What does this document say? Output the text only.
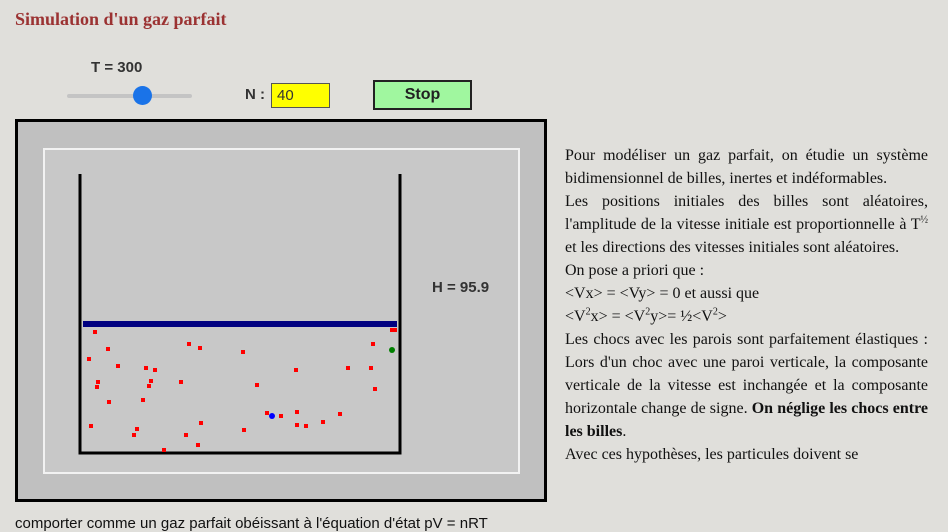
Simulation d'un gaz parfait
T = 300
N :
40	Stop
H = 95.9

Pour modéliser un gaz parfait, on étudie un système bidimensionnel de billes, inertes et indéformables.

Les positions initiales des billes sont aléatoires, l'amplitude de la vitesse initiale est proportionnelle à $T^{\frac{1}{2}}$ et les directions des vitesses initiales sont aléatoires.

On pose a priori que :

<Vx> = <Vy> = 0 et aussi que

$<V^2x> = <V^2y>=$ $\frac{1}{2}<V^2>$

Les chocs avec les parois sont parfaitement élastiques : Lors d'un choc avec une paroi verticale, la composante verticale de la vitesse est inchangée et la composante horizontale change de signe. On néglige les chocs entre les billes.

Avec ces hypothèses, les particules doivent se

comporter comme un gaz parfait obéissant à l'équation d'état pV = nRT
